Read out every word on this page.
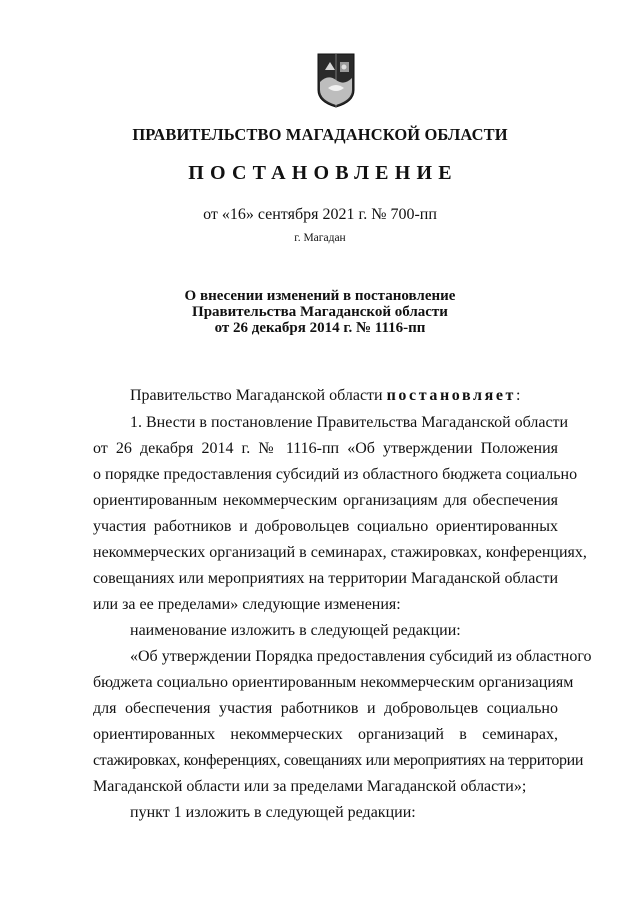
ПРАВИТЕЛЬСТВО МАГАДАНСКОЙ ОБЛАСТИ
ПОСТАНОВЛЕНИЕ
от «16» сентября 2021 г. № 700-пп
г. Магадан
О внесении изменений в постановление
Правительства Магаданской области
от 26 декабря 2014 г. № 1116-пп
Правительство Магаданской области постановляет:
1. Внести в постановление Правительства Магаданской области
от 26 декабря 2014 г. № 1116-пп «Об утверждении Положения
о порядке предоставления субсидий из областного бюджета социально
ориентированным некоммерческим организациям для обеспечения
участия работников и добровольцев социально ориентированных
некоммерческих организаций в семинарах, стажировках, конференциях,
совещаниях или мероприятиях на территории Магаданской области
или за ее пределами» следующие изменения:
наименование изложить в следующей редакции:
«Об утверждении Порядка предоставления субсидий из областного
бюджета социально ориентированным некоммерческим организациям
для обеспечения участия работников и добровольцев социально
ориентированных некоммерческих организаций в семинарах,
стажировках, конференциях, совещаниях или мероприятиях на территории
Магаданской области или за пределами Магаданской области»;
пункт 1 изложить в следующей редакции:
